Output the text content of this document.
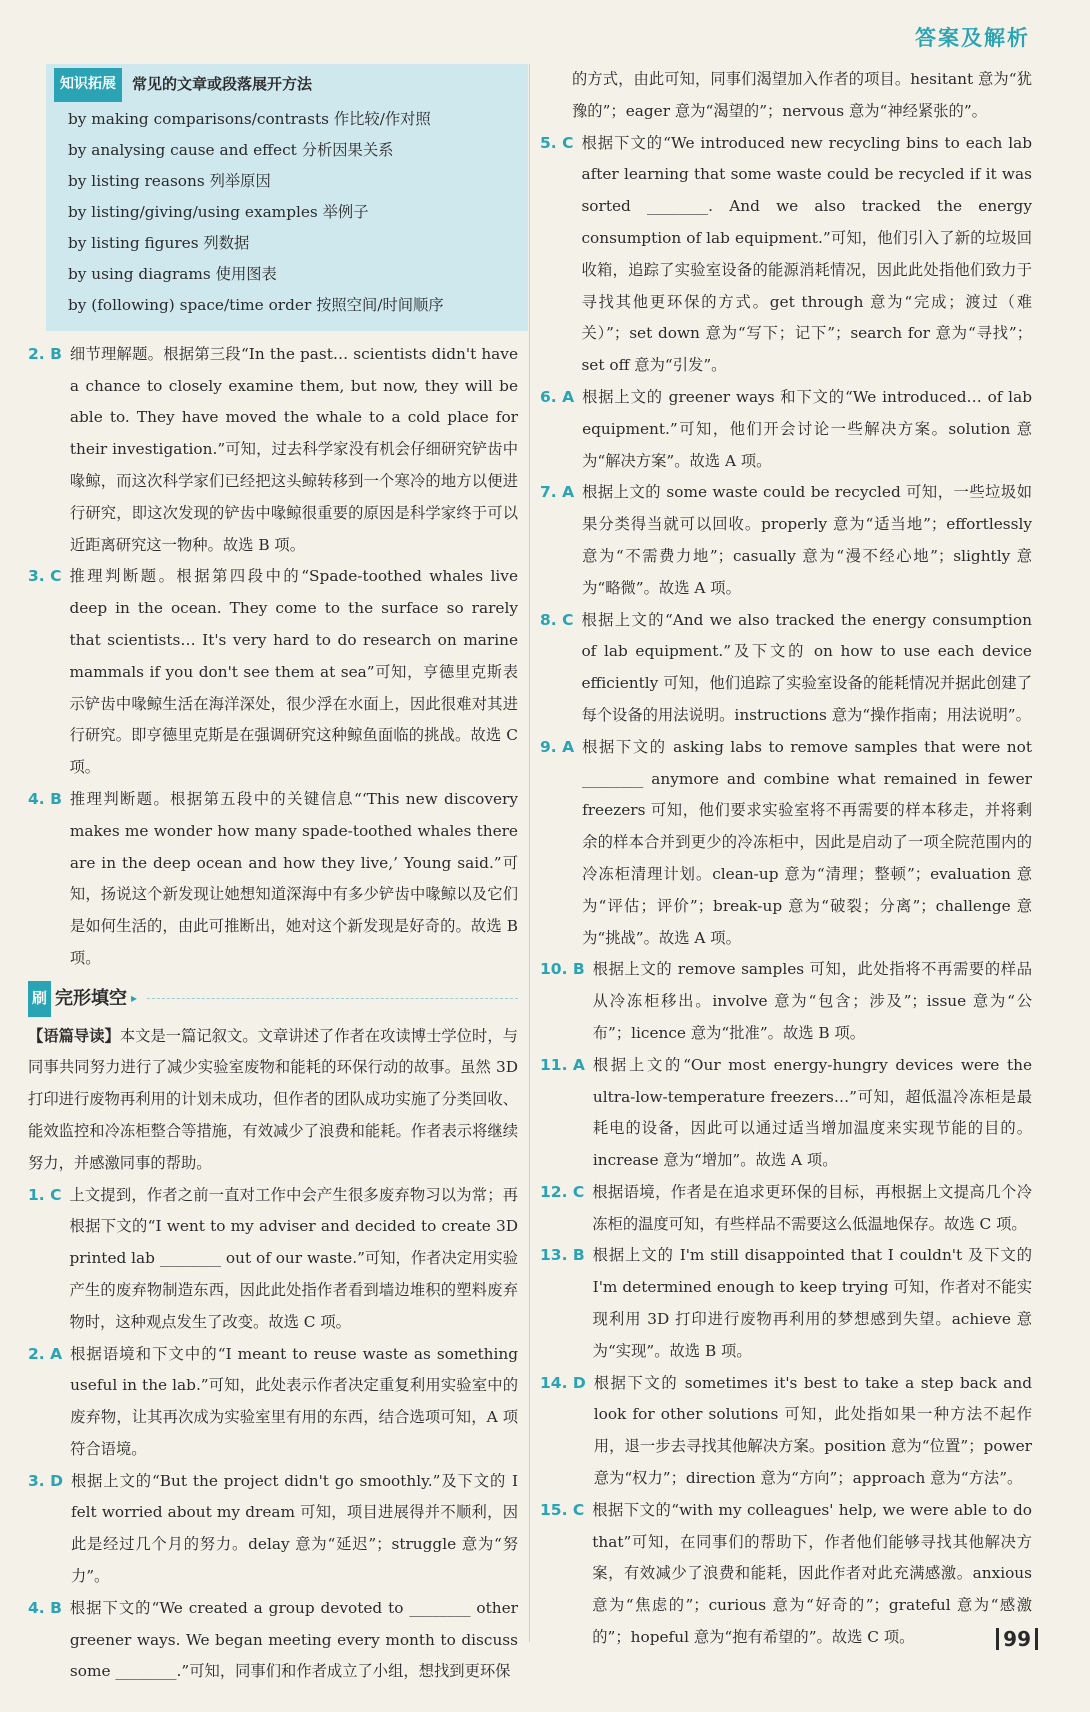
答案及解析
知识拓展	常见的文章或段落展开方法
by making comparisons/contrasts 作比较/作对照
by analysing cause and effect 分析因果关系
by listing reasons 列举原因
by listing/giving/using examples 举例子
by listing figures 列数据
by using diagrams 使用图表
by (following) space/time order 按照空间/时间顺序
2. B 细节理解题。根据第三段“In the past… scientists didn't have a chance to closely examine them, but now, they will be able to. They have moved the whale to a cold place for their investigation.”可知，过去科学家没有机会仔细研究铲齿中喙鲸，而这次科学家们已经把这头鲸转移到一个寒冷的地方以便进行研究，即这次发现的铲齿中喙鲸很重要的原因是科学家终于可以近距离研究这一物种。故选 B 项。
3. C 推理判断题。根据第四段中的“Spade-toothed whales live deep in the ocean. They come to the surface so rarely that scientists… It's very hard to do research on marine mammals if you don't see them at sea”可知，亨德里克斯表示铲齿中喙鲸生活在海洋深处，很少浮在水面上，因此很难对其进行研究。即亨德里克斯是在强调研究这种鲸鱼面临的挑战。故选 C 项。
4. B 推理判断题。根据第五段中的关键信息“‘This new discovery makes me wonder how many spade-toothed whales there are in the deep ocean and how they live,’ Young said.”可知，扬说这个新发现让她想知道深海中有多少铲齿中喙鲸以及它们是如何生活的，由此可推断出，她对这个新发现是好奇的。故选 B 项。
刷 完形填空 ▸
【语篇导读】本文是一篇记叙文。文章讲述了作者在攻读博士学位时，与同事共同努力进行了减少实验室废物和能耗的环保行动的故事。虽然 3D 打印进行废物再利用的计划未成功，但作者的团队成功实施了分类回收、能效监控和冷冻柜整合等措施，有效减少了浪费和能耗。作者表示将继续努力，并感激同事的帮助。
1. C 上文提到，作者之前一直对工作中会产生很多废弃物习以为常；再根据下文的“I went to my adviser and decided to create 3D printed lab ________ out of our waste.”可知，作者决定用实验产生的废弃物制造东西，因此此处指作者看到墙边堆积的塑料废弃物时，这种观点发生了改变。故选 C 项。
2. A 根据语境和下文中的“I meant to reuse waste as something useful in the lab.”可知，此处表示作者决定重复利用实验室中的废弃物，让其再次成为实验室里有用的东西，结合选项可知，A 项符合语境。
3. D 根据上文的“But the project didn't go smoothly.”及下文的 I felt worried about my dream 可知，项目进展得并不顺利，因此是经过几个月的努力。delay 意为“延迟”；struggle 意为“努力”。
4. B 根据下文的“We created a group devoted to ________ other greener ways. We began meeting every month to discuss some ________.”可知，同事们和作者成立了小组，想找到更环保
的方式，由此可知，同事们渴望加入作者的项目。hesitant 意为“犹豫的”；eager 意为“渴望的”；nervous 意为“神经紧张的”。
5. C 根据下文的“We introduced new recycling bins to each lab after learning that some waste could be recycled if it was sorted ________. And we also tracked the energy consumption of lab equipment.”可知，他们引入了新的垃圾回收箱，追踪了实验室设备的能源消耗情况，因此此处指他们致力于寻找其他更环保的方式。get through 意为“完成；渡过（难关）”；set down 意为“写下；记下”；search for 意为“寻找”；set off 意为“引发”。
6. A 根据上文的 greener ways 和下文的“We introduced… of lab equipment.”可知，他们开会讨论一些解决方案。solution 意为“解决方案”。故选 A 项。
7. A 根据上文的 some waste could be recycled 可知，一些垃圾如果分类得当就可以回收。properly 意为“适当地”；effortlessly 意为“不需费力地”；casually 意为“漫不经心地”；slightly 意为“略微”。故选 A 项。
8. C 根据上文的“And we also tracked the energy consumption of lab equipment.”及下文的 on how to use each device efficiently 可知，他们追踪了实验室设备的能耗情况并据此创建了每个设备的用法说明。instructions 意为“操作指南；用法说明”。
9. A 根据下文的 asking labs to remove samples that were not ________ anymore and combine what remained in fewer freezers 可知，他们要求实验室将不再需要的样本移走，并将剩余的样本合并到更少的冷冻柜中，因此是启动了一项全院范围内的冷冻柜清理计划。clean-up 意为“清理；整顿”；evaluation 意为“评估；评价”；break-up 意为“破裂；分离”；challenge 意为“挑战”。故选 A 项。
10. B 根据上文的 remove samples 可知，此处指将不再需要的样品从冷冻柜移出。involve 意为“包含；涉及”；issue 意为“公布”；licence 意为“批准”。故选 B 项。
11. A 根据上文的“Our most energy-hungry devices were the ultra-low-temperature freezers…”可知，超低温冷冻柜是最耗电的设备，因此可以通过适当增加温度来实现节能的目的。increase 意为“增加”。故选 A 项。
12. C 根据语境，作者是在追求更环保的目标，再根据上文提高几个冷冻柜的温度可知，有些样品不需要这么低温地保存。故选 C 项。
13. B 根据上文的 I'm still disappointed that I couldn't 及下文的 I'm determined enough to keep trying 可知，作者对不能实现利用 3D 打印进行废物再利用的梦想感到失望。achieve 意为“实现”。故选 B 项。
14. D 根据下文的 sometimes it's best to take a step back and look for other solutions 可知，此处指如果一种方法不起作用，退一步去寻找其他解决方案。position 意为“位置”；power 意为“权力”；direction 意为“方向”；approach 意为“方法”。
15. C 根据下文的“with my colleagues' help, we were able to do that”可知，在同事们的帮助下，作者他们能够寻找其他解决方案，有效减少了浪费和能耗，因此作者对此充满感激。anxious 意为“焦虑的”；curious 意为“好奇的”；grateful 意为“感激的”；hopeful 意为“抱有希望的”。故选 C 项。	99
